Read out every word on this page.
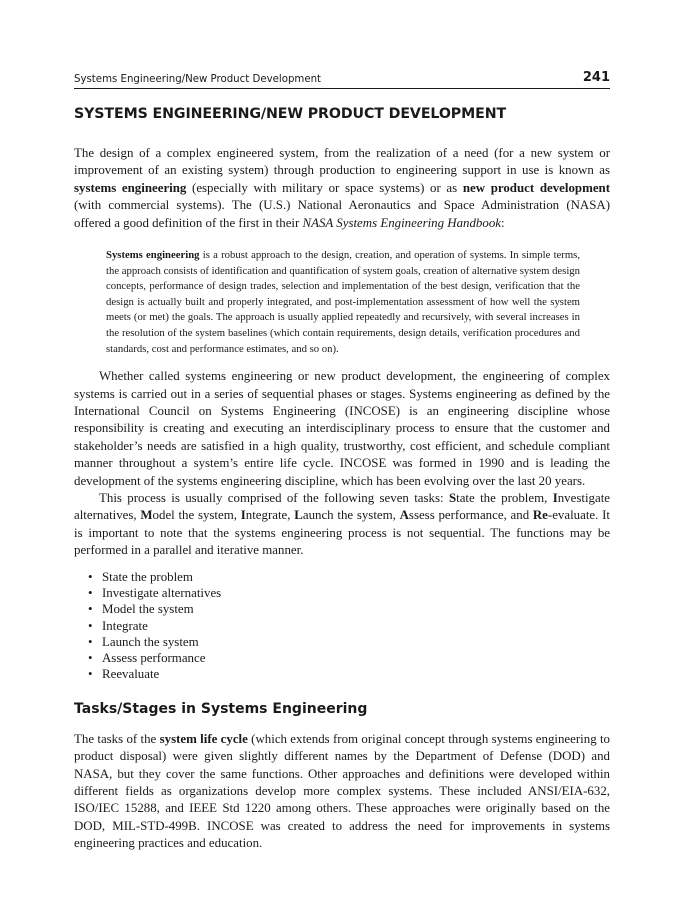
Systems Engineering/New Product Development	241
SYSTEMS ENGINEERING/NEW PRODUCT DEVELOPMENT

The design of a complex engineered system, from the realization of a need (for a new system or improvement of an existing system) through production to engineering support in use is known as systems engineering (especially with military or space systems) or as new product development (with commercial systems). The (U.S.) National Aeronautics and Space Administration (NASA) offered a good definition of the first in their NASA Systems Engineering Handbook:

Systems engineering is a robust approach to the design, creation, and operation of systems. In simple terms, the approach consists of identification and quantification of system goals, creation of alternative system design concepts, performance of design trades, selection and implementation of the best design, verification that the design is actually built and properly integrated, and post-implementation assessment of how well the system meets (or met) the goals. The approach is usually applied repeatedly and recursively, with several increases in the resolution of the system baselines (which contain requirements, design details, verification procedures and standards, cost and performance estimates, and so on).

Whether called systems engineering or new product development, the engineering of complex systems is carried out in a series of sequential phases or stages. Systems engineering as defined by the International Council on Systems Engineering (INCOSE) is an engineering discipline whose responsibility is creating and executing an interdisciplinary process to ensure that the customer and stakeholder’s needs are satisfied in a high quality, trustworthy, cost efficient, and schedule compliant manner throughout a system’s entire life cycle. INCOSE was formed in 1990 and is leading the development of the systems engineering discipline, which has been evolving over the last 20 years.

This process is usually comprised of the following seven tasks: State the problem, Investigate alternatives, Model the system, Integrate, Launch the system, Assess performance, and Re-evaluate. It is important to note that the systems engineering process is not sequential. The functions may be performed in a parallel and iterative manner.

• State the problem
• Investigate alternatives
• Model the system
• Integrate
• Launch the system
• Assess performance
• Reevaluate
Tasks/Stages in Systems Engineering

The tasks of the system life cycle (which extends from original concept through systems engineering to product disposal) were given slightly different names by the Department of Defense (DOD) and NASA, but they cover the same functions. Other approaches and definitions were developed within different fields as organizations develop more complex systems. These included ANSI/EIA-632, ISO/IEC 15288, and IEEE Std 1220 among others. These approaches were originally based on the DOD, MIL-STD-499B. INCOSE was created to address the need for improvements in systems engineering practices and education.
